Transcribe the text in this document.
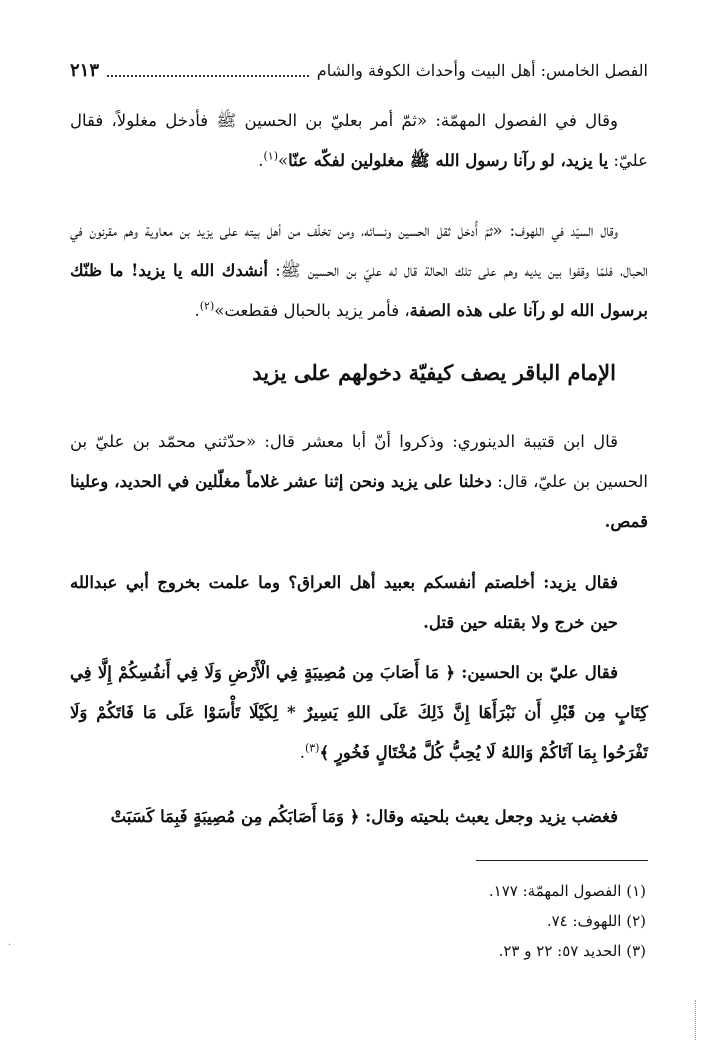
الفصل الخامس: أهل البيت وأحداث الكوفة والشام
٢١٣
وقال في الفصول المهمّة: «ثمّ أمر بعليّ بن الحسين ﷺ فأدخل مغلولاً، فقال عليّ: يا يزيد، لو رآنا رسول الله ﷺ مغلولين لفكّه عنّا»$^{(١)}$.
وقال السيّد في اللهوف: «ثمّ أُدخل ثقل الحسين ونسائه، ومن تخلّف من أهل بيته على يزيد بن معاوية وهم مقرنون في الحبال، فلمّا وقفوا بين يديه وهم على تلك الحالة قال له عليّ بن الحسين ﷺ: أنشدك الله يا يزيد! ما ظنّك برسول الله لو رآنا على هذه الصفة، فأمر يزيد بالحبال فقطعت»$^{(٢)}$.
الإمام الباقر يصف كيفيّة دخولهم على يزيد
قال ابن قتيبة الدينوري: وذكروا أنّ أبا معشر قال: «حدّثني محمّد بن عليّ بن الحسين بن عليّ، قال: دخلنا على يزيد ونحن إثنا عشر غلاماً مغلّلين في الحديد، وعلينا قمص.
فقال يزيد: أخلصتم أنفسكم بعبيد أهل العراق؟ وما علمت بخروج أبي عبدالله حين خرج ولا بقتله حين قتل.
فقال عليّ بن الحسين: ﴿ مَا أَصَابَ مِن مُصِيبَةٍ فِي الْأَرْضِ وَلَا فِي أَنفُسِكُمْ إِلَّا فِي كِتَابٍ مِن قَبْلِ أَن نَبْرَأَهَا إِنَّ ذَلِكَ عَلَى اللهِ يَسِيرٌ * لِكَيْلَا تَأْسَوْا عَلَى مَا فَاتَكُمْ وَلَا تَفْرَحُوا بِمَا آتَاكُمْ وَاللهُ لَا يُحِبُّ كُلَّ مُخْتَالٍ فَخُورٍ ﴾$^{(٣)}$.
فغضب يزيد وجعل يعبث بلحيته وقال: ﴿ وَمَا أَصَابَكُم مِن مُصِيبَةٍ فَبِمَا كَسَبَتْ
(١) الفصول المهمّة: ١٧٧.
(٢) اللهوف: ٧٤.
(٣) الحديد ٥٧: ٢٢ و ٢٣.
·
